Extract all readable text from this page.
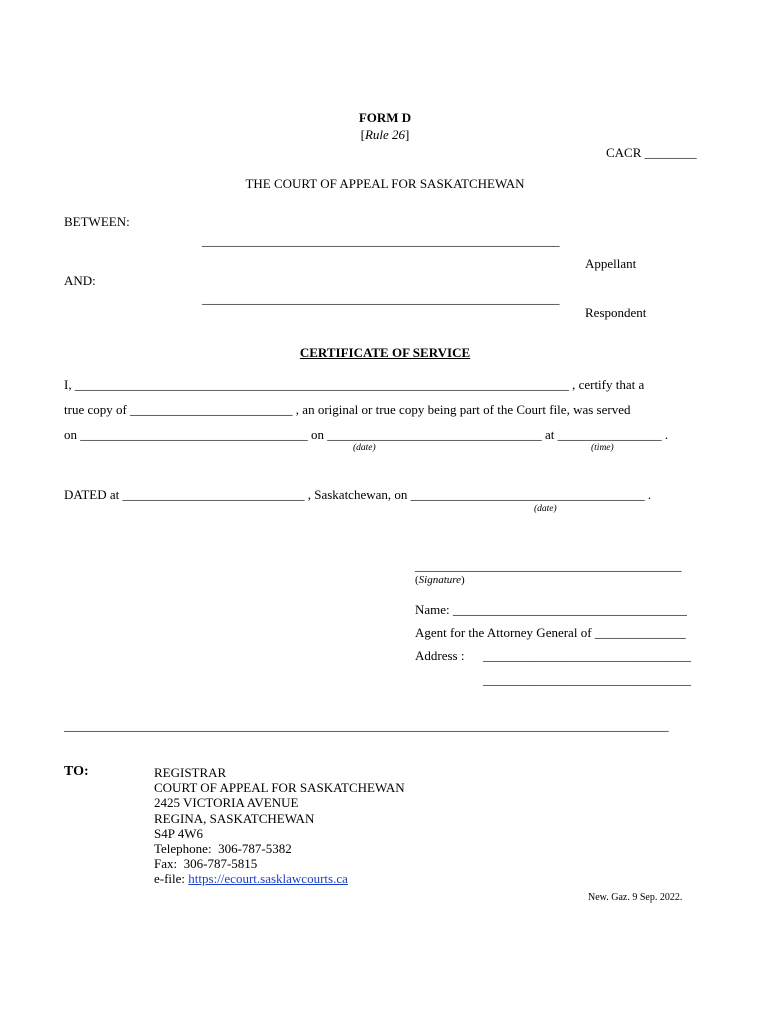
FORM D
[Rule 26]
CACR ________
THE COURT OF APPEAL FOR SASKATCHEWAN
BETWEEN:
_______________________________________________________
Appellant
AND:
_______________________________________________________
Respondent
CERTIFICATE OF SERVICE
I, ____________________________________________________________________________ , certify that a
true copy of _________________________ , an original or true copy being part of the Court file, was served
on ___________________________________ on _________________________________ at ________________ .
(date)	(time)
DATED at ____________________________ , Saskatchewan, on ____________________________________ .
(date)
_________________________________________
(Signature)
Name: ____________________________________
Agent for the Attorney General of ______________
Address : ________________________________
________________________________
_____________________________________________________________________________________________
TO:	REGISTRAR
COURT OF APPEAL FOR SASKATCHEWAN
2425 VICTORIA AVENUE
REGINA, SASKATCHEWAN
S4P 4W6
Telephone:  306-787-5382
Fax:  306-787-5815
e-file: https://ecourt.sasklawcourts.ca
New. Gaz. 9 Sep. 2022.
